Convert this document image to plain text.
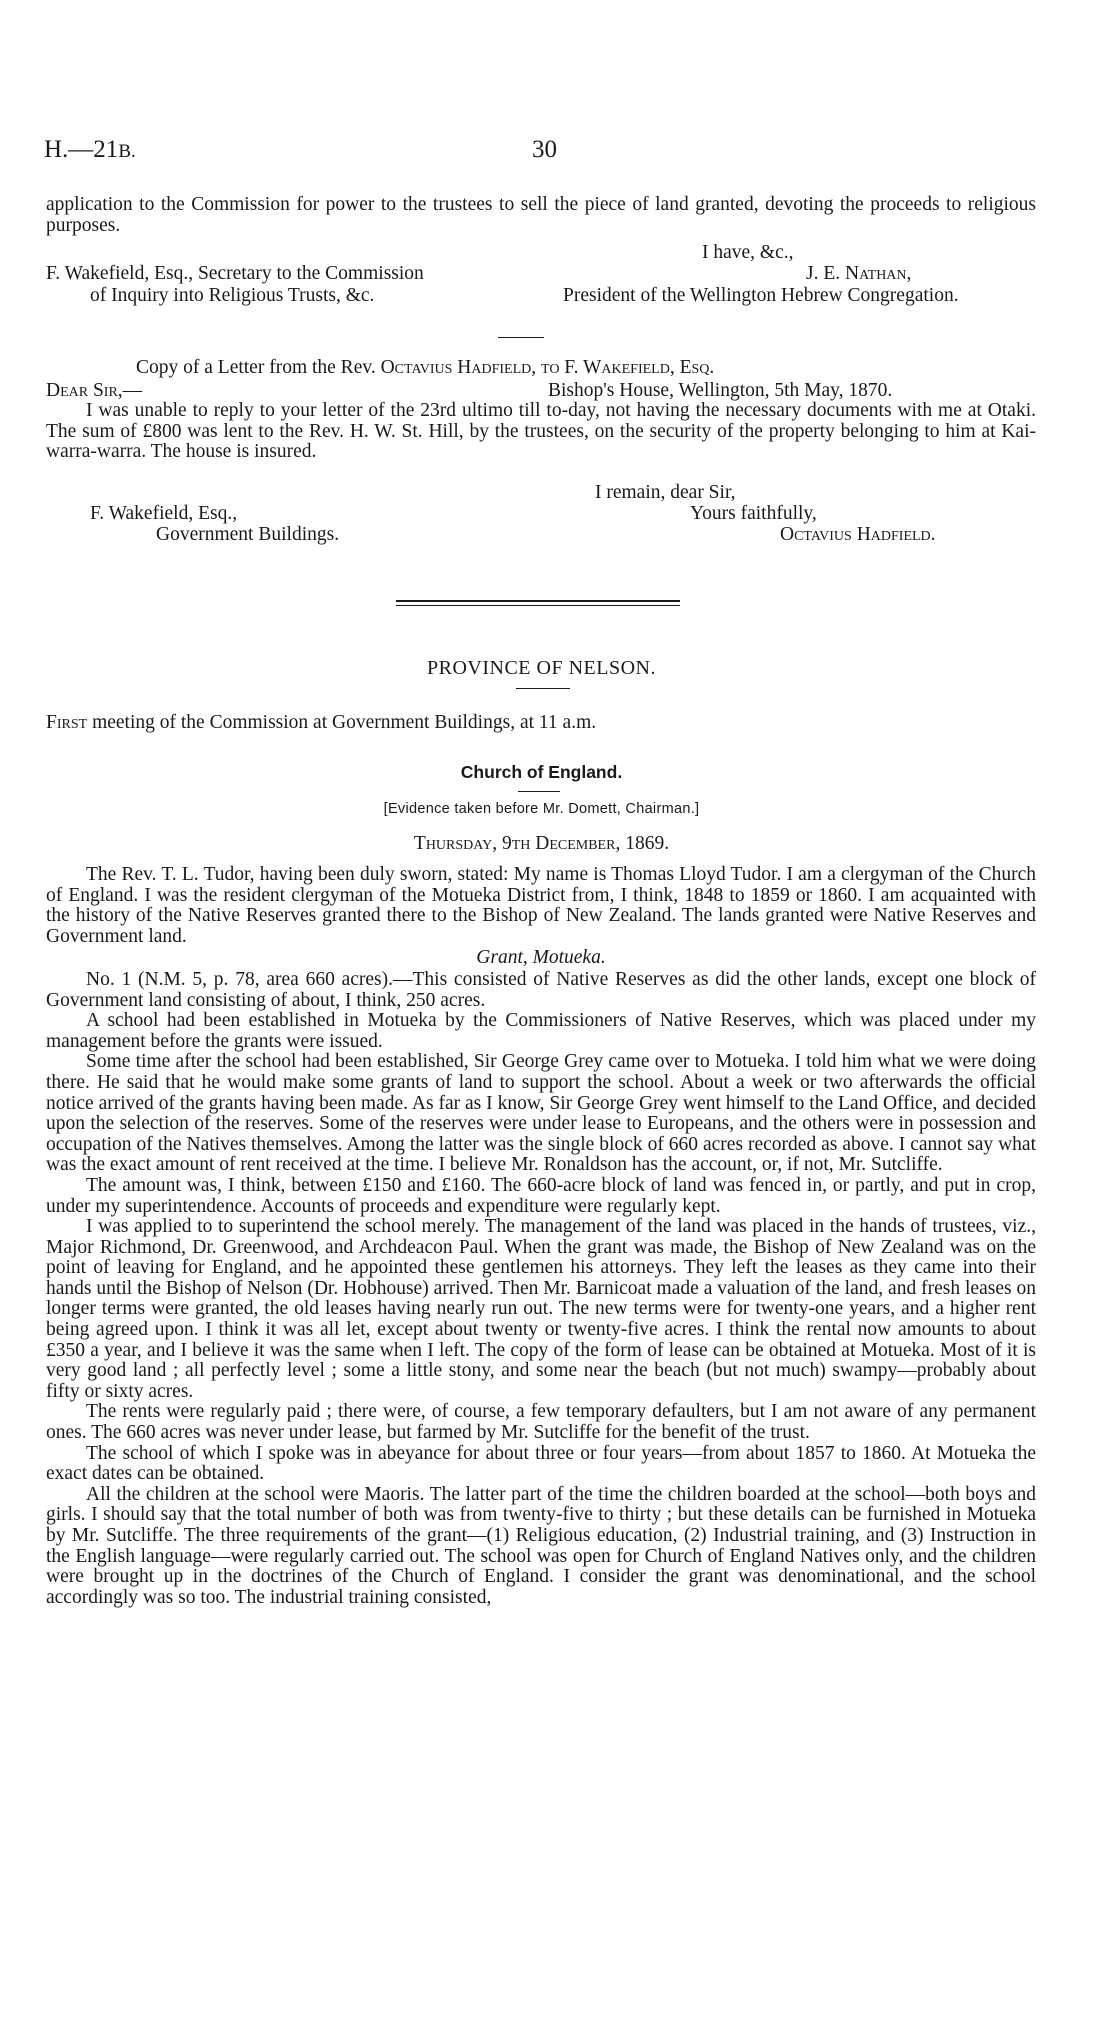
H.—21B.	30
application to the Commission for power to the trustees to sell the piece of land granted, devoting the proceeds to religious purposes.
I have, &c.,
F. Wakefield, Esq., Secretary to the Commission	J. E. Nathan,
of Inquiry into Religious Trusts, &c.	President of the Wellington Hebrew Congregation.
Copy of a Letter from the Rev. Octavius Hadfield, to F. Wakefield, Esq.
Dear Sir,—	Bishop's House, Wellington, 5th May, 1870.
I was unable to reply to your letter of the 23rd ultimo till to-day, not having the necessary documents with me at Otaki. The sum of £800 was lent to the Rev. H. W. St. Hill, by the trustees, on the security of the property belonging to him at Kai-warra-warra. The house is insured.
I remain, dear Sir,
F. Wakefield, Esq.,	Yours faithfully,
Government Buildings.	Octavius Hadfield.
PROVINCE OF NELSON.
First meeting of the Commission at Government Buildings, at 11 a.m.
Church of England.
[Evidence taken before Mr. Domett, Chairman.]
Thursday, 9th December, 1869.

The Rev. T. L. Tudor, having been duly sworn, stated: My name is Thomas Lloyd Tudor. I am a clergyman of the Church of England. I was the resident clergyman of the Motueka District from, I think, 1848 to 1859 or 1860. I am acquainted with the history of the Native Reserves granted there to the Bishop of New Zealand. The lands granted were Native Reserves and Government land.

Grant, Motueka.

No. 1 (N.M. 5, p. 78, area 660 acres).—This consisted of Native Reserves as did the other lands, except one block of Government land consisting of about, I think, 250 acres.

A school had been established in Motueka by the Commissioners of Native Reserves, which was placed under my management before the grants were issued.

Some time after the school had been established, Sir George Grey came over to Motueka. I told him what we were doing there. He said that he would make some grants of land to support the school. About a week or two afterwards the official notice arrived of the grants having been made. As far as I know, Sir George Grey went himself to the Land Office, and decided upon the selection of the reserves. Some of the reserves were under lease to Europeans, and the others were in possession and occupation of the Natives themselves. Among the latter was the single block of 660 acres recorded as above. I cannot say what was the exact amount of rent received at the time. I believe Mr. Ronaldson has the account, or, if not, Mr. Sutcliffe.

The amount was, I think, between £150 and £160. The 660-acre block of land was fenced in, or partly, and put in crop, under my superintendence. Accounts of proceeds and expenditure were regularly kept.

I was applied to to superintend the school merely. The management of the land was placed in the hands of trustees, viz., Major Richmond, Dr. Greenwood, and Archdeacon Paul. When the grant was made, the Bishop of New Zealand was on the point of leaving for England, and he appointed these gentlemen his attorneys. They left the leases as they came into their hands until the Bishop of Nelson (Dr. Hobhouse) arrived. Then Mr. Barnicoat made a valuation of the land, and fresh leases on longer terms were granted, the old leases having nearly run out. The new terms were for twenty-one years, and a higher rent being agreed upon. I think it was all let, except about twenty or twenty-five acres. I think the rental now amounts to about £350 a year, and I believe it was the same when I left. The copy of the form of lease can be obtained at Motueka. Most of it is very good land ; all perfectly level ; some a little stony, and some near the beach (but not much) swampy—probably about fifty or sixty acres.

The rents were regularly paid ; there were, of course, a few temporary defaulters, but I am not aware of any permanent ones. The 660 acres was never under lease, but farmed by Mr. Sutcliffe for the benefit of the trust.

The school of which I spoke was in abeyance for about three or four years—from about 1857 to 1860. At Motueka the exact dates can be obtained.

All the children at the school were Maoris. The latter part of the time the children boarded at the school—both boys and girls. I should say that the total number of both was from twenty-five to thirty ; but these details can be furnished in Motueka by Mr. Sutcliffe. The three requirements of the grant—(1) Religious education, (2) Industrial training, and (3) Instruction in the English language—were regularly carried out. The school was open for Church of England Natives only, and the children were brought up in the doctrines of the Church of England. I consider the grant was denominational, and the school accordingly was so too. The industrial training consisted,
